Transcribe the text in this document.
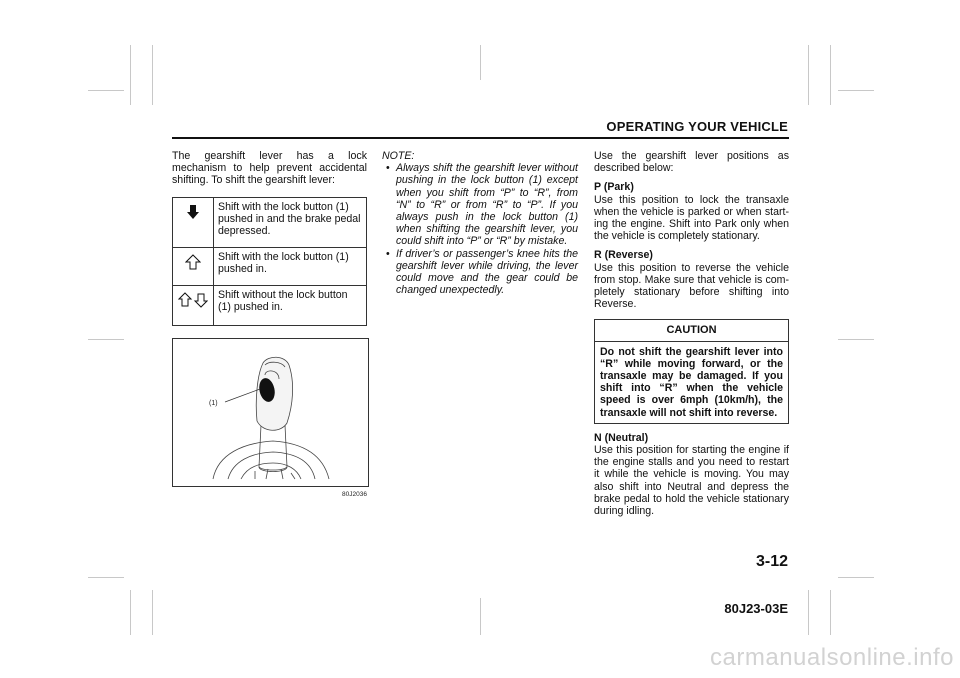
OPERATING YOUR VEHICLE
The gearshift lever has a lock mechanism to help prevent accidental shifting. To shift the gearshift lever:
	Shift with the lock button (1) pushed in and the brake pedal depressed.
	Shift with the lock button (1) pushed in.
	Shift without the lock button (1) pushed in.
(1)
80J2036
NOTE:
• Always shift the gearshift lever without pushing in the lock button (1) except when you shift from “P” to “R”, from “N” to “R” or from “R” to “P”. If you always push in the lock button (1) when shifting the gearshift lever, you could shift into “P” or “R” by mistake.
• If driver’s or passenger’s knee hits the gearshift lever while driving, the lever could move and the gear could be changed unexpectedly.
Use the gearshift lever positions as described below:
P (Park)
Use this position to lock the transaxle when the vehicle is parked or when start-ing the engine. Shift into Park only when the vehicle is completely stationary.
R (Reverse)
Use this position to reverse the vehicle from stop. Make sure that vehicle is com-pletely stationary before shifting into Reverse.
CAUTION
Do not shift the gearshift lever into “R” while moving forward, or the transaxle may be damaged. If you shift into “R” when the vehicle speed is over 6mph (10km/h), the transaxle will not shift into reverse.
N (Neutral)
Use this position for starting the engine if the engine stalls and you need to restart it while the vehicle is moving. You may also shift into Neutral and depress the brake pedal to hold the vehicle stationary during idling.
3-12
80J23-03E
carmanualsonline.info
